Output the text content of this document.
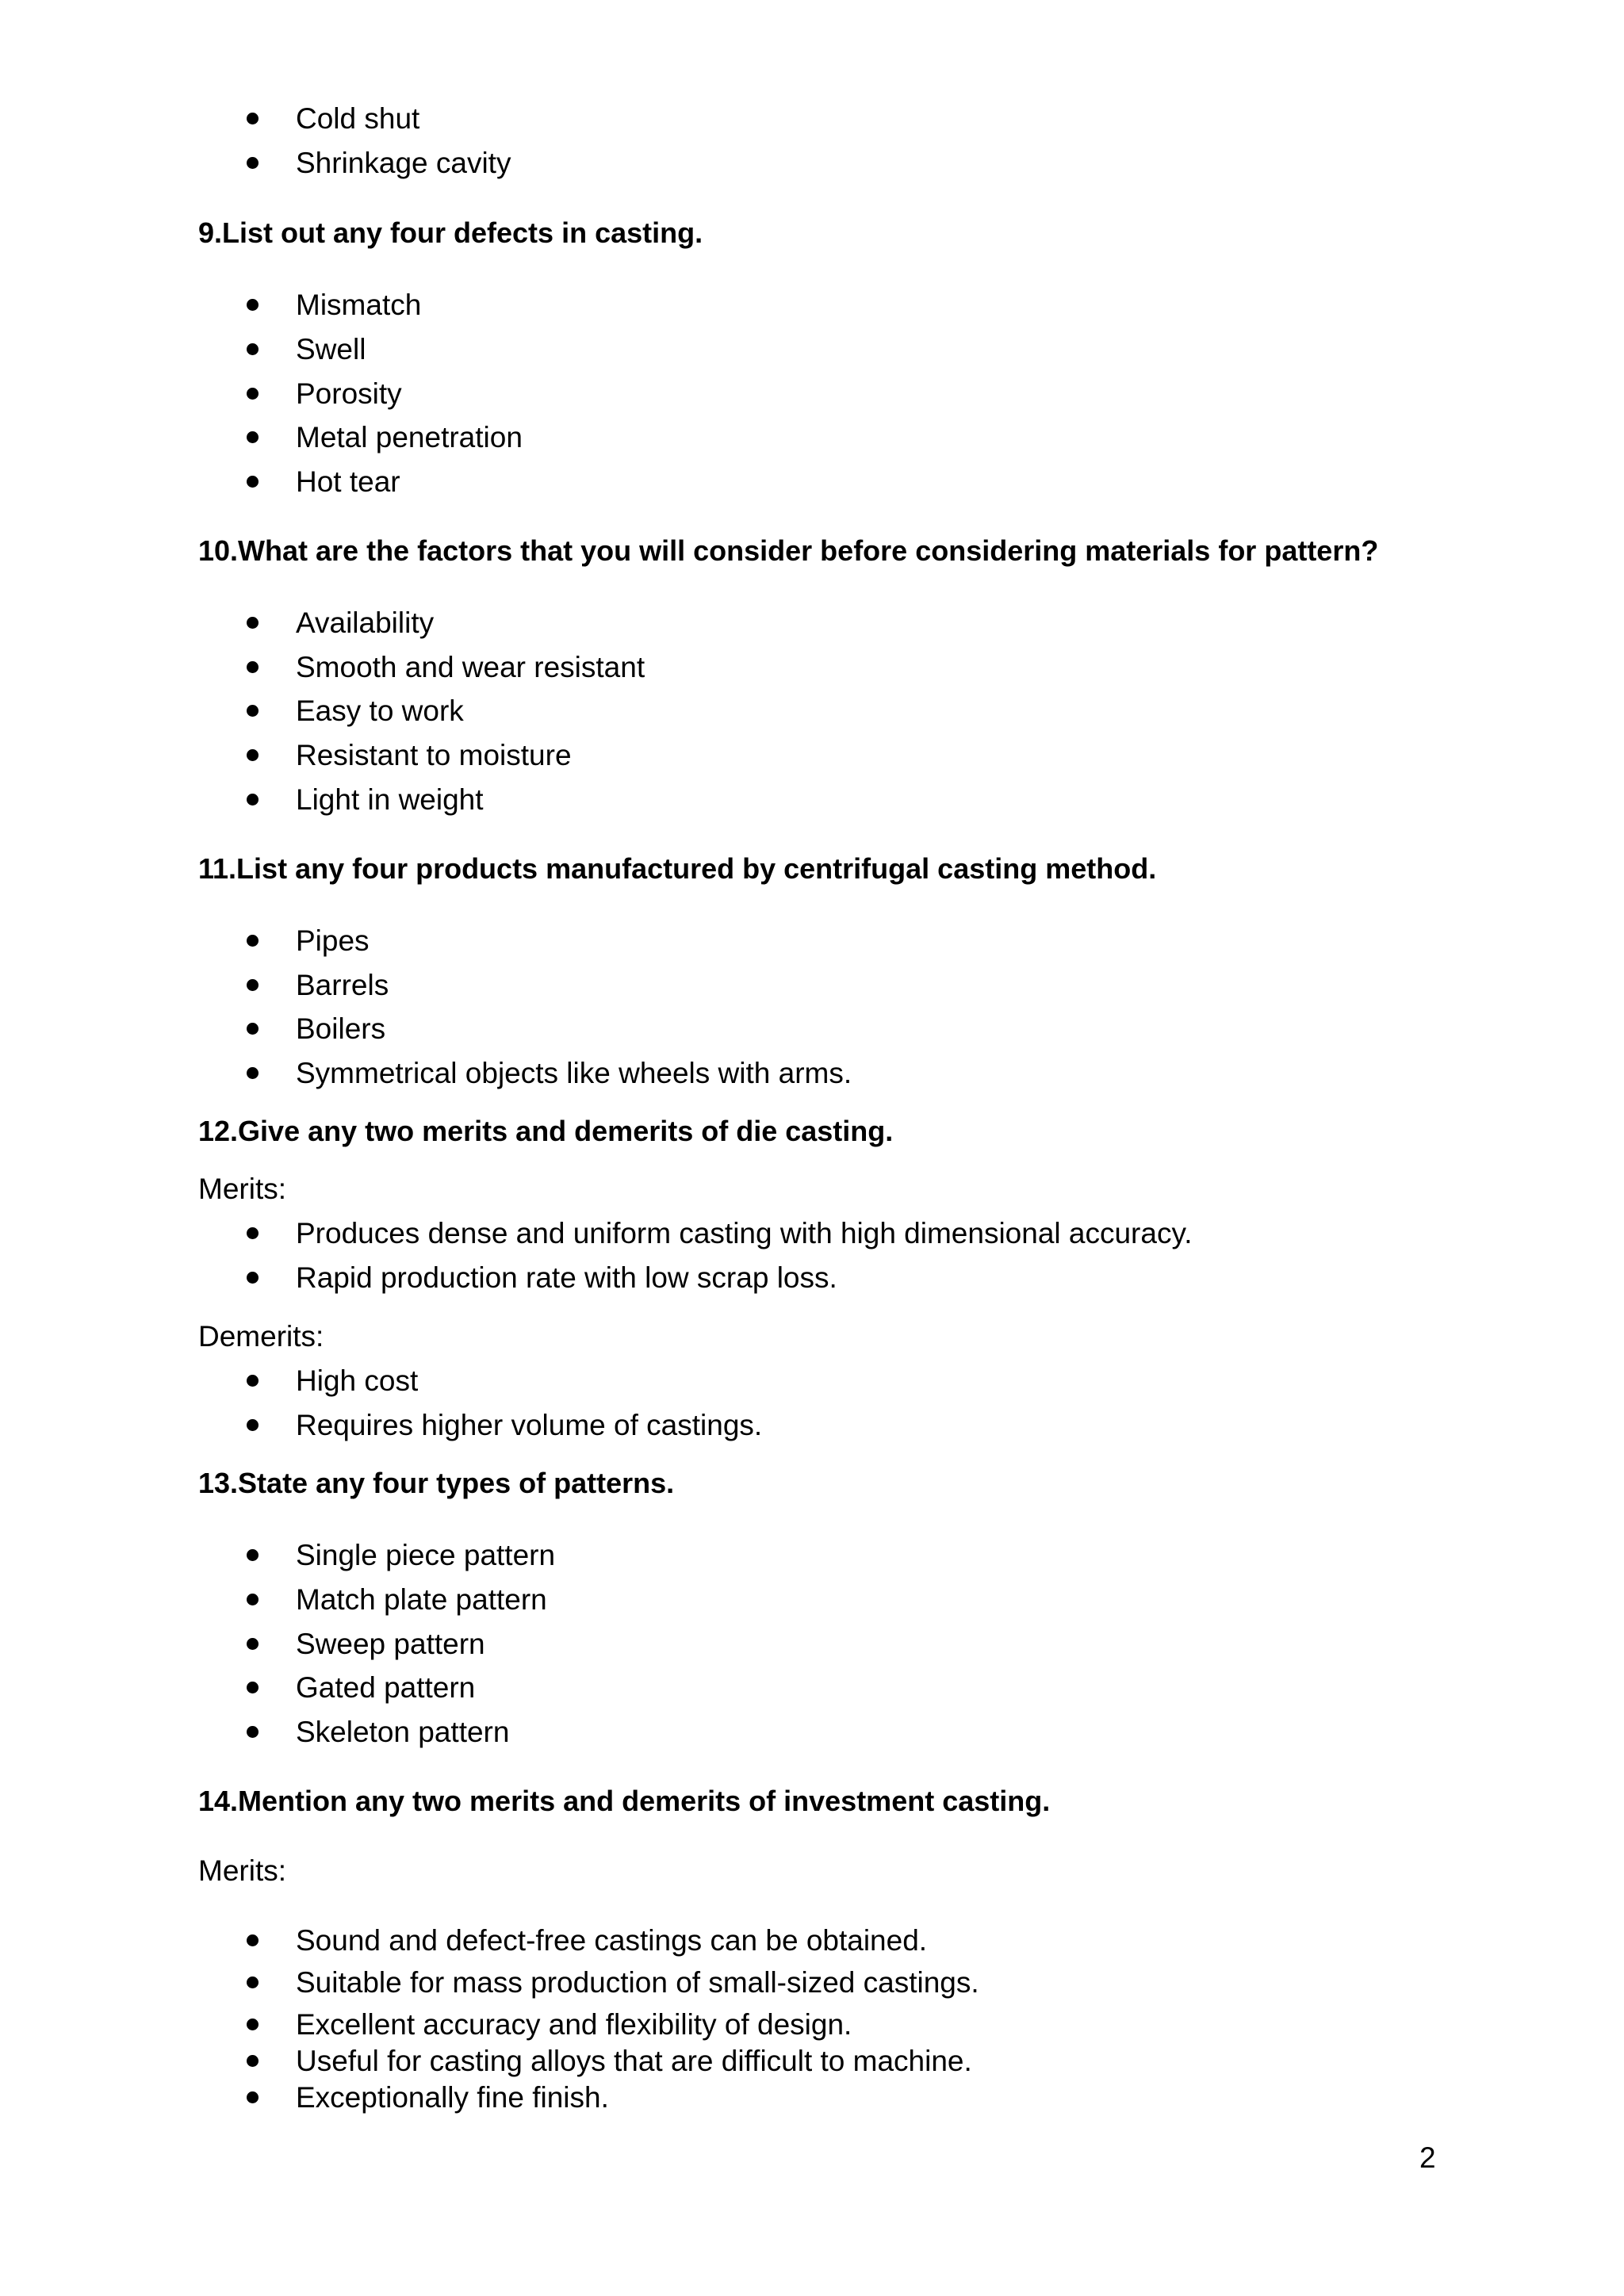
Cold shut
Shrinkage cavity
9.List out any four defects in casting.
Mismatch
Swell
Porosity
Metal penetration
Hot tear
10.What are the factors that you will consider before considering materials for pattern?
Availability
Smooth and wear resistant
Easy to work
Resistant to moisture
Light in weight
11.List any four products manufactured by centrifugal casting method.
Pipes
Barrels
Boilers
Symmetrical objects like wheels with arms.
12.Give any two merits and demerits of die casting.
Merits:
Produces dense and uniform casting with high dimensional accuracy.
Rapid production rate with low scrap loss.
Demerits:
High cost
Requires higher volume of castings.
13.State any four types of patterns.
Single piece pattern
Match plate pattern
Sweep pattern
Gated pattern
Skeleton pattern
14.Mention any two merits and demerits of investment casting.
Merits:
Sound and defect-free castings can be obtained.
Suitable for mass production of small-sized castings.
Excellent accuracy and flexibility of design.
Useful for casting alloys that are difficult to machine.
Exceptionally fine finish.
2
